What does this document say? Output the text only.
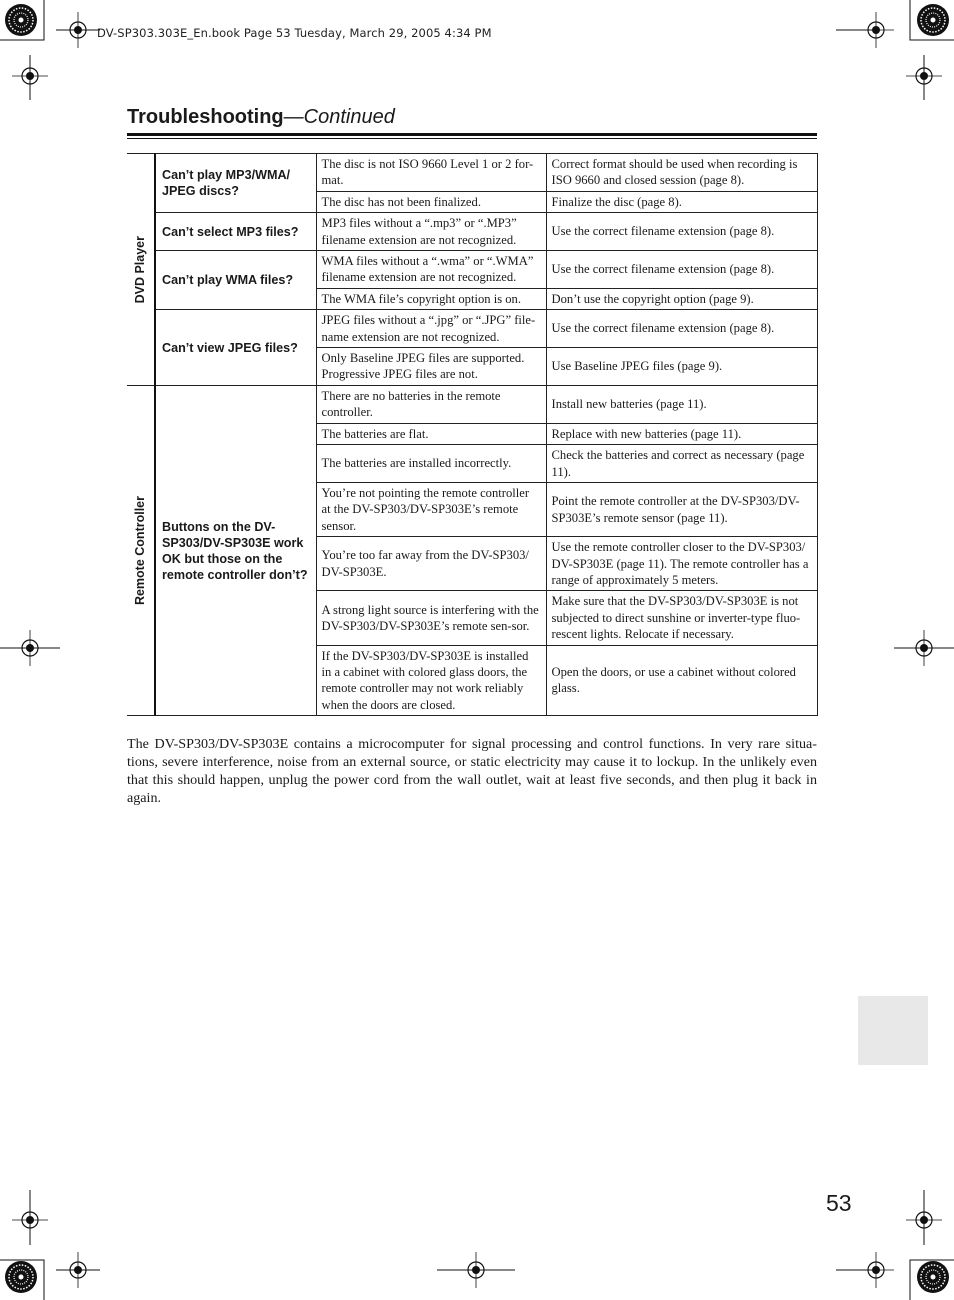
DV-SP303.303E_En.book Page 53 Tuesday, March 29, 2005 4:34 PM
Troubleshooting—Continued
DVD Player	Can’t play MP3/WMA/ JPEG discs?	The disc is not ISO 9660 Level 1 or 2 for-mat.	Correct format should be used when recording is ISO 9660 and closed session (page 8).
		The disc has not been finalized.	Finalize the disc (page 8).
	Can’t select MP3 files?	MP3 files without a “.mp3” or “.MP3” filename extension are not recognized.	Use the correct filename extension (page 8).
	Can’t play WMA files?	WMA files without a “.wma” or “.WMA” filename extension are not recognized.	Use the correct filename extension (page 8).
		The WMA file’s copyright option is on.	Don’t use the copyright option (page 9).
	Can’t view JPEG files?	JPEG files without a “.jpg” or “.JPG” file-name extension are not recognized.	Use the correct filename extension (page 8).
		Only Baseline JPEG files are supported. Progressive JPEG files are not.	Use Baseline JPEG files (page 9).

Remote Controller	Buttons on the DV-SP303/DV-SP303E work OK but those on the remote controller don’t?	There are no batteries in the remote controller.	Install new batteries (page 11).
		The batteries are flat.	Replace with new batteries (page 11).
		The batteries are installed incorrectly.	Check the batteries and correct as necessary (page 11).
		You’re not pointing the remote controller at the DV-SP303/DV-SP303E’s remote sensor.	Point the remote controller at the DV-SP303/DV-SP303E’s remote sensor (page 11).
		You’re too far away from the DV-SP303/ DV-SP303E.	Use the remote controller closer to the DV-SP303/ DV-SP303E (page 11). The remote controller has a range of approximately 5 meters.
		A strong light source is interfering with the DV-SP303/DV-SP303E’s remote sen-sor.	Make sure that the DV-SP303/DV-SP303E is not subjected to direct sunshine or inverter-type fluo-rescent lights. Relocate if necessary.
		If the DV-SP303/DV-SP303E is installed in a cabinet with colored glass doors, the remote controller may not work reliably when the doors are closed.	Open the doors, or use a cabinet without colored glass.
The DV-SP303/DV-SP303E contains a microcomputer for signal processing and control functions. In very rare situa-tions, severe interference, noise from an external source, or static electricity may cause it to lockup. In the unlikely even that this should happen, unplug the power cord from the wall outlet, wait at least five seconds, and then plug it back in again.
53
